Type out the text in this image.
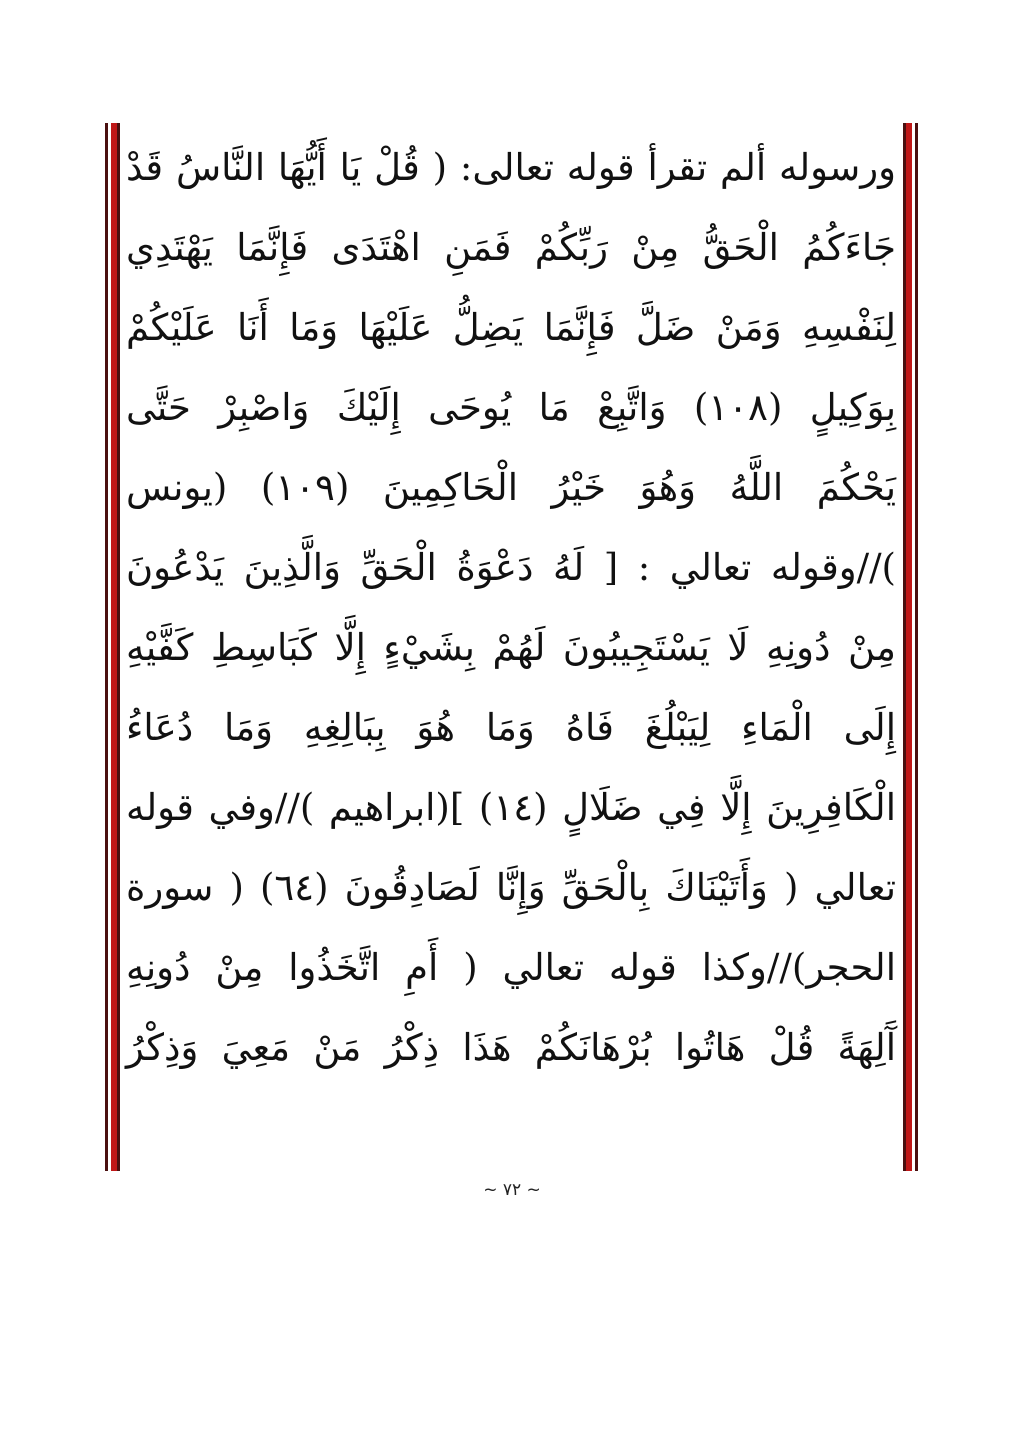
ورسوله ألم تقرأ قوله تعالى: ( قُلْ يَا أَيُّهَا النَّاسُ قَدْ
جَاءَكُمُ الْحَقُّ مِنْ رَبِّكُمْ فَمَنِ اهْتَدَى فَإِنَّمَا يَهْتَدِي
لِنَفْسِهِ وَمَنْ ضَلَّ فَإِنَّمَا يَضِلُّ عَلَيْهَا وَمَا أَنَا عَلَيْكُمْ
بِوَكِيلٍ (١٠٨) وَاتَّبِعْ مَا يُوحَى إِلَيْكَ وَاصْبِرْ حَتَّى
يَحْكُمَ اللَّهُ وَهُوَ خَيْرُ الْحَاكِمِينَ (١٠٩) (يونس
)//وقوله تعالي : [ لَهُ دَعْوَةُ الْحَقِّ وَالَّذِينَ يَدْعُونَ
مِنْ دُونِهِ لَا يَسْتَجِيبُونَ لَهُمْ بِشَيْءٍ إِلَّا كَبَاسِطِ كَفَّيْهِ
إِلَى الْمَاءِ لِيَبْلُغَ فَاهُ وَمَا هُوَ بِبَالِغِهِ وَمَا دُعَاءُ
الْكَافِرِينَ إِلَّا فِي ضَلَالٍ (١٤) ](ابراهيم )//وفي قوله
تعالي ( وَأَتَيْنَاكَ بِالْحَقِّ وَإِنَّا لَصَادِقُونَ (٦٤) ( سورة
الحجر)//وكذا قوله تعالي ( أَمِ اتَّخَذُوا مِنْ دُونِهِ
آَلِهَةً قُلْ هَاتُوا بُرْهَانَكُمْ هَذَا ذِكْرُ مَنْ مَعِيَ وَذِكْرُ
~ ٧٢ ~
